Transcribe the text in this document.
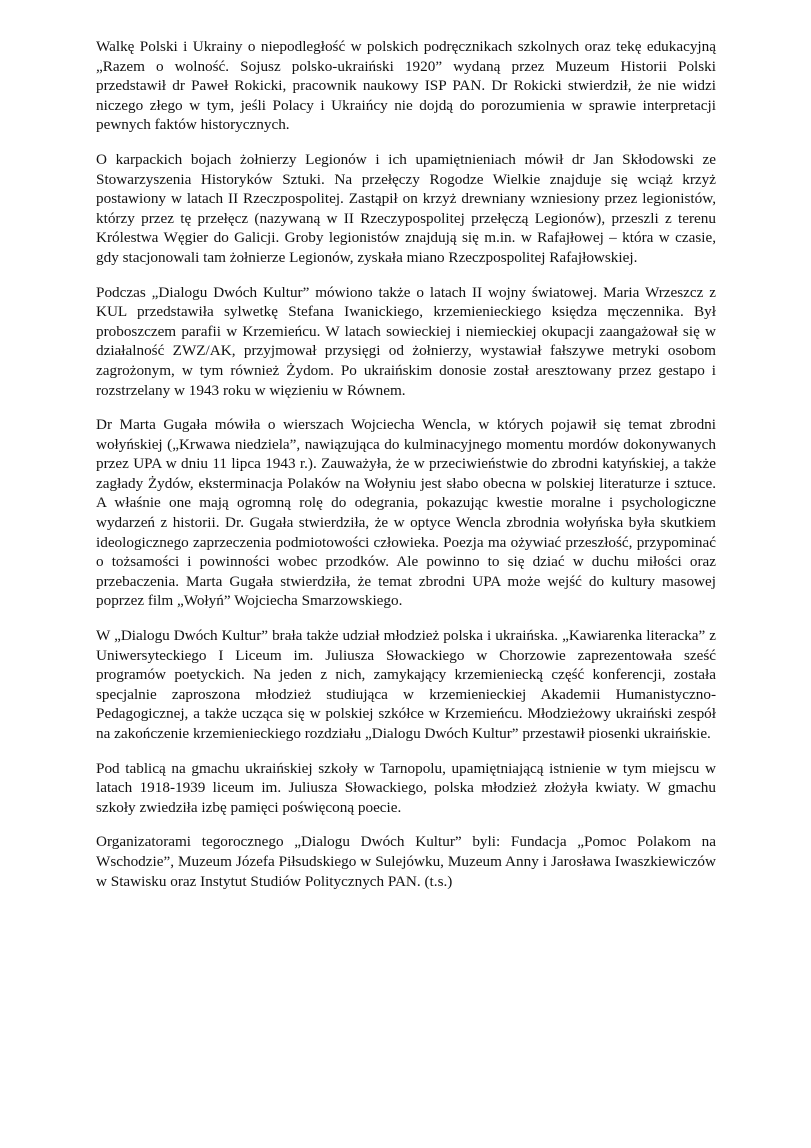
Walkę Polski i Ukrainy o niepodległość w polskich podręcznikach szkolnych oraz tekę edukacyjną „Razem o wolność. Sojusz polsko-ukraiński 1920” wydaną przez Muzeum Historii Polski przedstawił dr Paweł Rokicki, pracownik naukowy ISP PAN. Dr Rokicki stwierdził, że nie widzi niczego złego w tym, jeśli Polacy i Ukraińcy nie dojdą do porozumienia w sprawie interpretacji pewnych faktów historycznych.

O karpackich bojach żołnierzy Legionów i ich upamiętnieniach mówił dr Jan Skłodowski ze Stowarzyszenia Historyków Sztuki. Na przełęczy Rogodze Wielkie znajduje się wciąż krzyż postawiony w latach II Rzeczpospolitej. Zastąpił on krzyż drewniany wzniesiony przez legionistów, którzy przez tę przełęcz (nazywaną w II Rzeczypospolitej przełęczą Legionów), przeszli z terenu Królestwa Węgier do Galicji. Groby legionistów znajdują się m.in. w Rafajłowej – która w czasie, gdy stacjonowali tam żołnierze Legionów, zyskała miano Rzeczpospolitej Rafajłowskiej.

Podczas „Dialogu Dwóch Kultur” mówiono także o latach II wojny światowej. Maria Wrzeszcz z KUL przedstawiła sylwetkę Stefana Iwanickiego, krzemienieckiego księdza męczennika. Był proboszczem parafii w Krzemieńcu. W latach sowieckiej i niemieckiej okupacji zaangażował się w działalność ZWZ/AK, przyjmował przysięgi od żołnierzy, wystawiał fałszywe metryki osobom zagrożonym, w tym również Żydom. Po ukraińskim donosie został aresztowany przez gestapo i rozstrzelany w 1943 roku w więzieniu w Równem.

Dr Marta Gugała mówiła o wierszach Wojciecha Wencla, w których pojawił się temat zbrodni wołyńskiej („Krwawa niedziela”, nawiązująca do kulminacyjnego momentu mordów dokonywanych przez UPA w dniu 11 lipca 1943 r.). Zauważyła, że w przeciwieństwie do zbrodni katyńskiej, a także zagłady Żydów, eksterminacja Polaków na Wołyniu jest słabo obecna w polskiej literaturze i sztuce. A właśnie one mają ogromną rolę do odegrania, pokazując kwestie moralne i psychologiczne wydarzeń z historii. Dr. Gugała stwierdziła, że w optyce Wencla zbrodnia wołyńska była skutkiem ideologicznego zaprzeczenia podmiotowości człowieka. Poezja ma ożywiać przeszłość, przypominać o tożsamości i powinności wobec przodków. Ale powinno to się dziać w duchu miłości oraz przebaczenia. Marta Gugała stwierdziła, że temat zbrodni UPA może wejść do kultury masowej poprzez film „Wołyń” Wojciecha Smarzowskiego.

W „Dialogu Dwóch Kultur” brała także udział młodzież polska i ukraińska. „Kawiarenka literacka” z Uniwersyteckiego I Liceum im. Juliusza Słowackiego w Chorzowie zaprezentowała sześć programów poetyckich. Na jeden z nich, zamykający krzemieniecką część konferencji, została specjalnie zaproszona młodzież studiująca w krzemienieckiej Akademii Humanistyczno-Pedagogicznej, a także ucząca się w polskiej szkółce w Krzemieńcu. Młodzieżowy ukraiński zespół na zakończenie krzemienieckiego rozdziału „Dialogu Dwóch Kultur” przestawił piosenki ukraińskie.

Pod tablicą na gmachu ukraińskiej szkoły w Tarnopolu, upamiętniającą istnienie w tym miejscu w latach 1918-1939 liceum im. Juliusza Słowackiego, polska młodzież złożyła kwiaty. W gmachu szkoły zwiedziła izbę pamięci poświęconą poecie.

Organizatorami tegorocznego „Dialogu Dwóch Kultur” byli: Fundacja „Pomoc Polakom na Wschodzie”, Muzeum Józefa Piłsudskiego w Sulejówku, Muzeum Anny i Jarosława Iwaszkiewiczów w Stawisku oraz Instytut Studiów Politycznych PAN. (t.s.)
